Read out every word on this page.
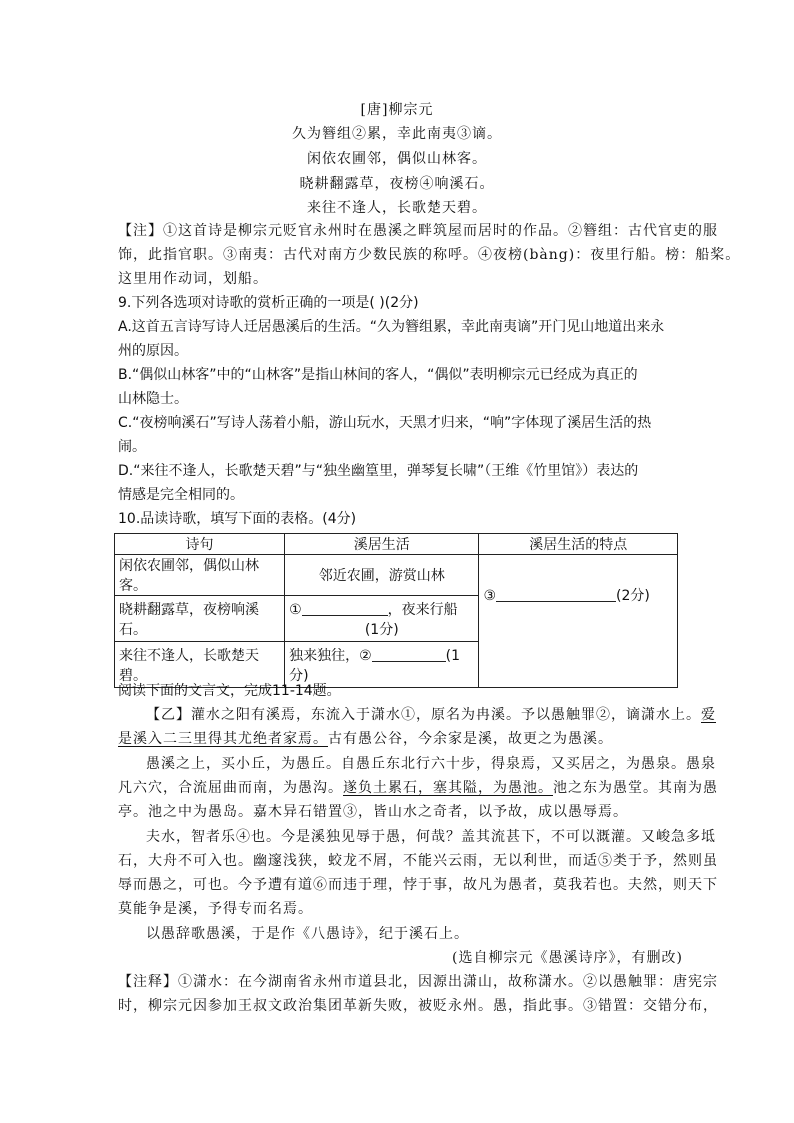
[唐]柳宗元
久为簪组②累，幸此南夷③谪。
闲依农圃邻，偶似山林客。
晓耕翻露草，夜榜④响溪石。
来往不逢人，长歌楚天碧。
【注】①这首诗是柳宗元贬官永州时在愚溪之畔筑屋而居时的作品。②簪组：古代官吏的服
饰，此指官职。③南夷：古代对南方少数民族的称呼。④夜榜(bàng)：夜里行船。榜：船桨。
这里用作动词，划船。
9.下列各选项对诗歌的赏析正确的一项是( )(2分)
A.这首五言诗写诗人迁居愚溪后的生活。“久为簪组累，幸此南夷谪”开门见山地道出来永
州的原因。
B.“偶似山林客”中的“山林客”是指山林间的客人，“偶似”表明柳宗元已经成为真正的
山林隐士。
C.“夜榜响溪石”写诗人荡着小船，游山玩水，天黑才归来，“响”字体现了溪居生活的热
闹。
D.“来往不逢人，长歌楚天碧”与“独坐幽篁里，弹琴复长啸”（王维《竹里馆》）表达的
情感是完全相同的。
10.品读诗歌，填写下面的表格。(4分)
诗句	溪居生活	溪居生活的特点
闲依农圃邻，偶似山林客。	邻近农圃，游赏山林	③ (2分)
晓耕翻露草，夜榜响溪石。	① ，夜来行船
(1分)	

来往不逢人，长歌楚天碧。	独来独往，② (1
分)	
阅读下面的文言文，完成11-14题。
【乙】灌水之阳有溪焉，东流入于潇水①，原名为冉溪。予以愚触罪②，谪潇水上。爱
是溪入二三里得其尤绝者家焉。古有愚公谷，今余家是溪，故更之为愚溪。
愚溪之上，买小丘，为愚丘。自愚丘东北行六十步，得泉焉，又买居之，为愚泉。愚泉
凡六穴，合流屈曲而南，为愚沟。遂负土累石，塞其隘，为愚池。池之东为愚堂。其南为愚
亭。池之中为愚岛。嘉木异石错置③，皆山水之奇者，以予故，成以愚辱焉。
夫水，智者乐④也。今是溪独见辱于愚，何哉？盖其流甚下，不可以溉灌。又峻急多坻
石，大舟不可入也。幽邃浅狭，蛟龙不屑，不能兴云雨，无以利世，而适⑤类于予，然则虽
辱而愚之，可也。今予遭有道⑥而违于理，悖于事，故凡为愚者，莫我若也。夫然，则天下
莫能争是溪，予得专而名焉。
以愚辞歌愚溪，于是作《八愚诗》，纪于溪石上。
(选自柳宗元《愚溪诗序》，有删改)
【注释】①潇水：在今湖南省永州市道县北，因源出潇山，故称潇水。②以愚触罪：唐宪宗
时，柳宗元因参加王叔文政治集团革新失败，被贬永州。愚，指此事。③错置：交错分布，
